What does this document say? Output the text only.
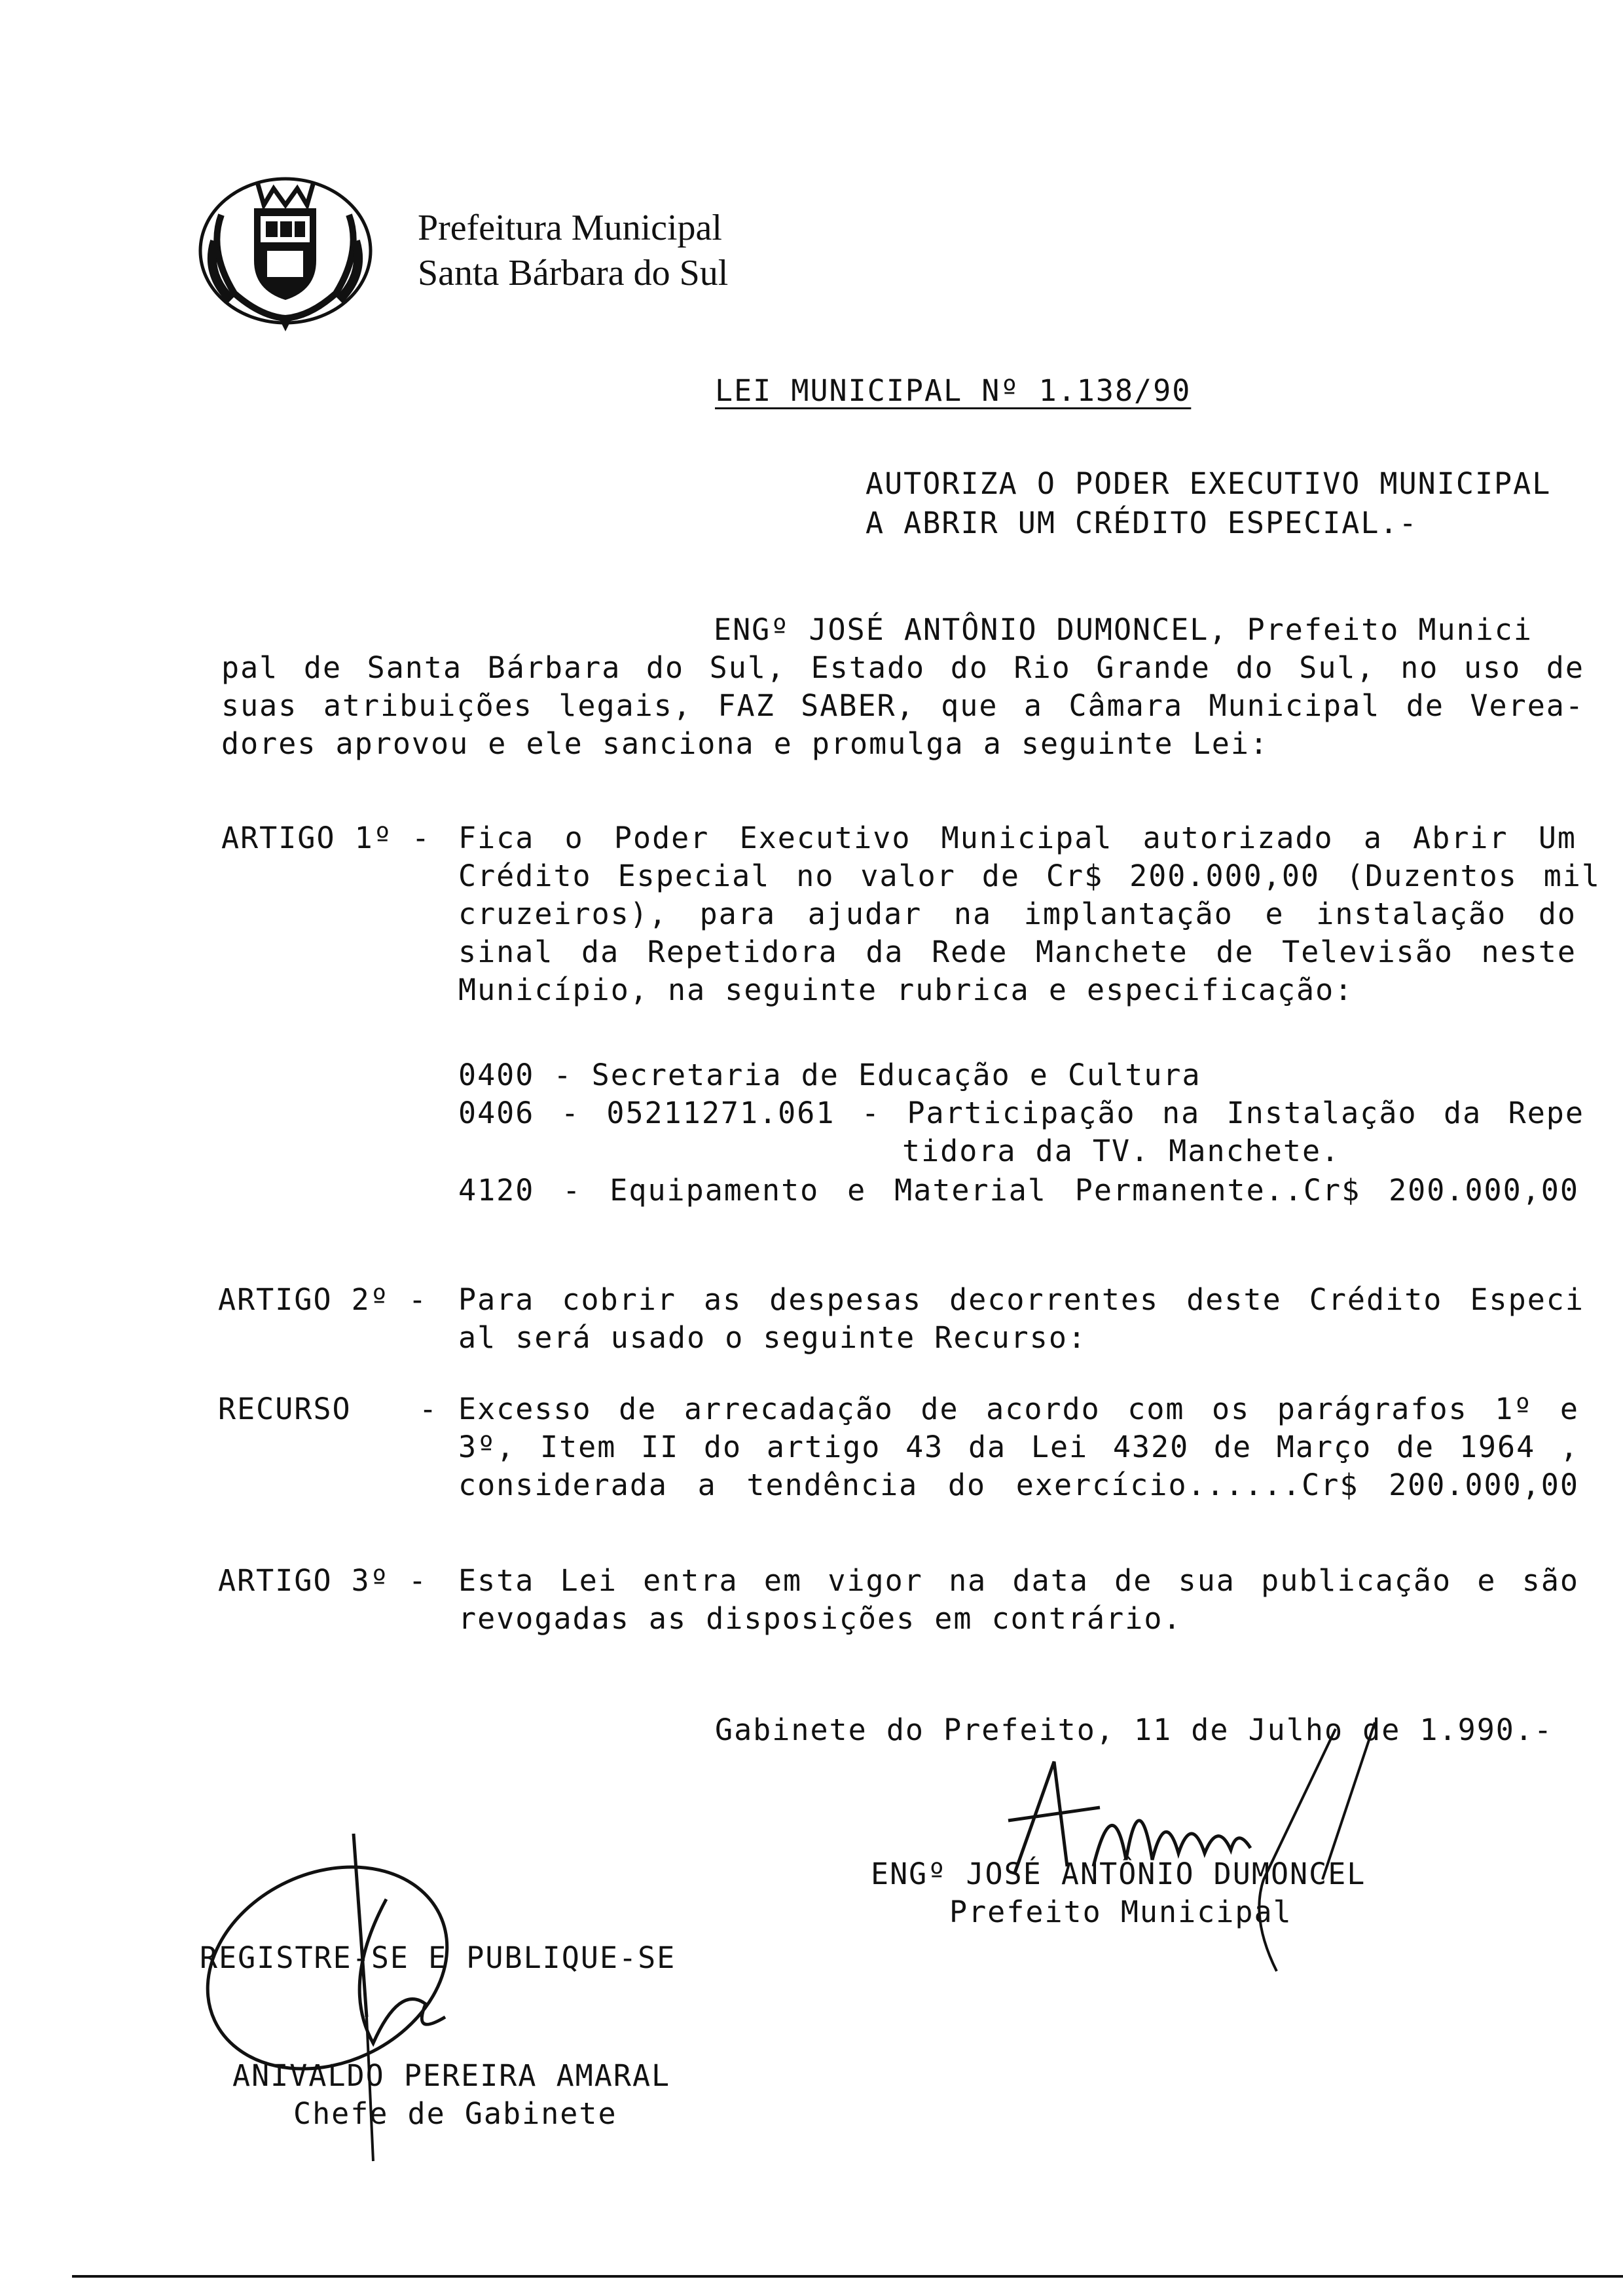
Prefeitura Municipal
Santa Bárbara do Sul
LEI MUNICIPAL Nº 1.138/90
AUTORIZA O PODER EXECUTIVO MUNICIPAL
A ABRIR UM CRÉDITO ESPECIAL.-
ENGº JOSÉ ANTÔNIO DUMONCEL, Prefeito Munici
pal de Santa Bárbara do Sul, Estado do Rio Grande do Sul, no uso de
suas atribuições legais, FAZ SABER, que a Câmara Municipal de Verea-
dores aprovou e ele sanciona e promulga a seguinte Lei:
ARTIGO 1º - Fica o Poder Executivo Municipal autorizado a Abrir Um
Crédito Especial no valor de Cr$ 200.000,00 (Duzentos mil
cruzeiros), para ajudar na implantação e instalação do
sinal da Repetidora da Rede Manchete de Televisão neste
Município, na seguinte rubrica e especificação:
0400 - Secretaria de Educação e Cultura
0406 - 05211271.061 - Participação na Instalação da Repe
tidora da TV. Manchete.
4120 - Equipamento e Material Permanente..Cr$ 200.000,00
ARTIGO 2º - Para cobrir as despesas decorrentes deste Crédito Especi
al será usado o seguinte Recurso:
RECURSO - Excesso de arrecadação de acordo com os parágrafos 1º e
3º, Item II do artigo 43 da Lei 4320 de Março de 1964 ,
considerada a tendência do exercício......Cr$ 200.000,00
ARTIGO 3º - Esta Lei entra em vigor na data de sua publicação e são
revogadas as disposições em contrário.
Gabinete do Prefeito, 11 de Julho de 1.990.-
ENGº JOSÉ ANTÔNIO DUMONCEL
Prefeito Municipal
REGISTRE-SE E PUBLIQUE-SE
ANIVALDO PEREIRA AMARAL
Chefe de Gabinete
